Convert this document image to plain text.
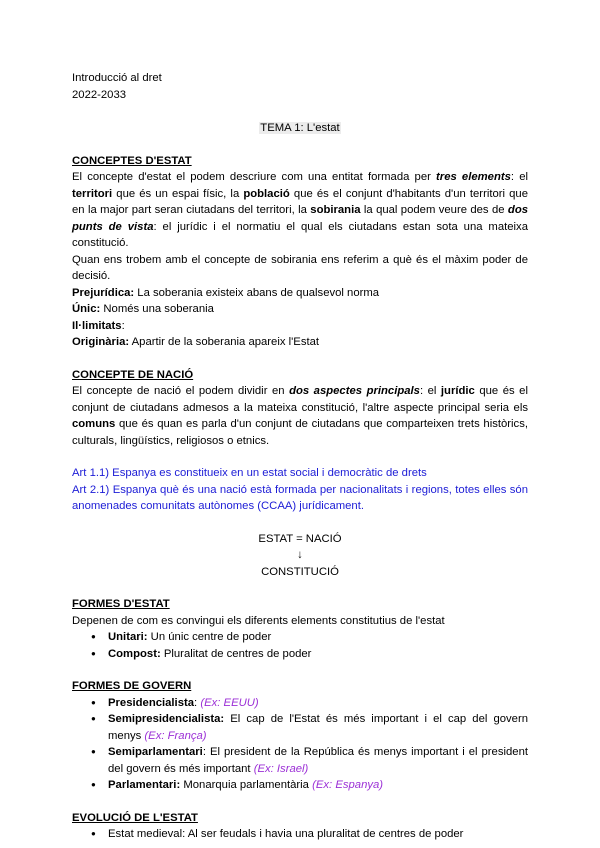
Introducció al dret
2022-2033
TEMA 1: L'estat
CONCEPTES D'ESTAT

El concepte d'estat el podem descriure com una entitat formada per tres elements: el territori que és un espai físic, la població que és el conjunt d'habitants d'un territori que en la major part seran ciutadans del territori, la sobirania la qual podem veure des de dos punts de vista: el jurídic i el normatiu el qual els ciutadans estan sota una mateixa constitució.

Quan ens trobem amb el concepte de sobirania ens referim a què és el màxim poder de decisió.

Prejurídica: La soberania existeix abans de qualsevol norma
Únic: Només una soberania
Il·limitats:
Originària: Apartir de la soberania apareix l'Estat
CONCEPTE DE NACIÓ

El concepte de nació el podem dividir en dos aspectes principals: el jurídic que és el conjunt de ciutadans admesos a la mateixa constitució, l'altre aspecte principal seria els comuns que és quan es parla d'un conjunt de ciutadans que comparteixen trets històrics, culturals, lingüístics, religiosos o etnics.

Art 1.1) Espanya es constitueix en un estat social i democràtic de drets

Art 2.1) Espanya què és una nació està formada per nacionalitats i regions, totes elles són anomenades comunitats autònomes (CCAA) jurídicament.

ESTAT = NACIÓ
↓
CONSTITUCIÓ
FORMES D'ESTAT
Depenen de com es convingui els diferents elements constitutius de l'estat
● Unitari: Un únic centre de poder
● Compost: Pluralitat de centres de poder
FORMES DE GOVERN
● Presidencialista: (Ex: EEUU)
● Semipresidencialista: El cap de l'Estat és més important i el cap del govern menys (Ex: França)
● Semiparlamentari: El president de la República és menys important i el president del govern és més important (Ex: Israel)
● Parlamentari: Monarquia parlamentària (Ex: Espanya)
EVOLUCIÓ DE L'ESTAT
● Estat medieval: Al ser feudals i havia una pluralitat de centres de poder
